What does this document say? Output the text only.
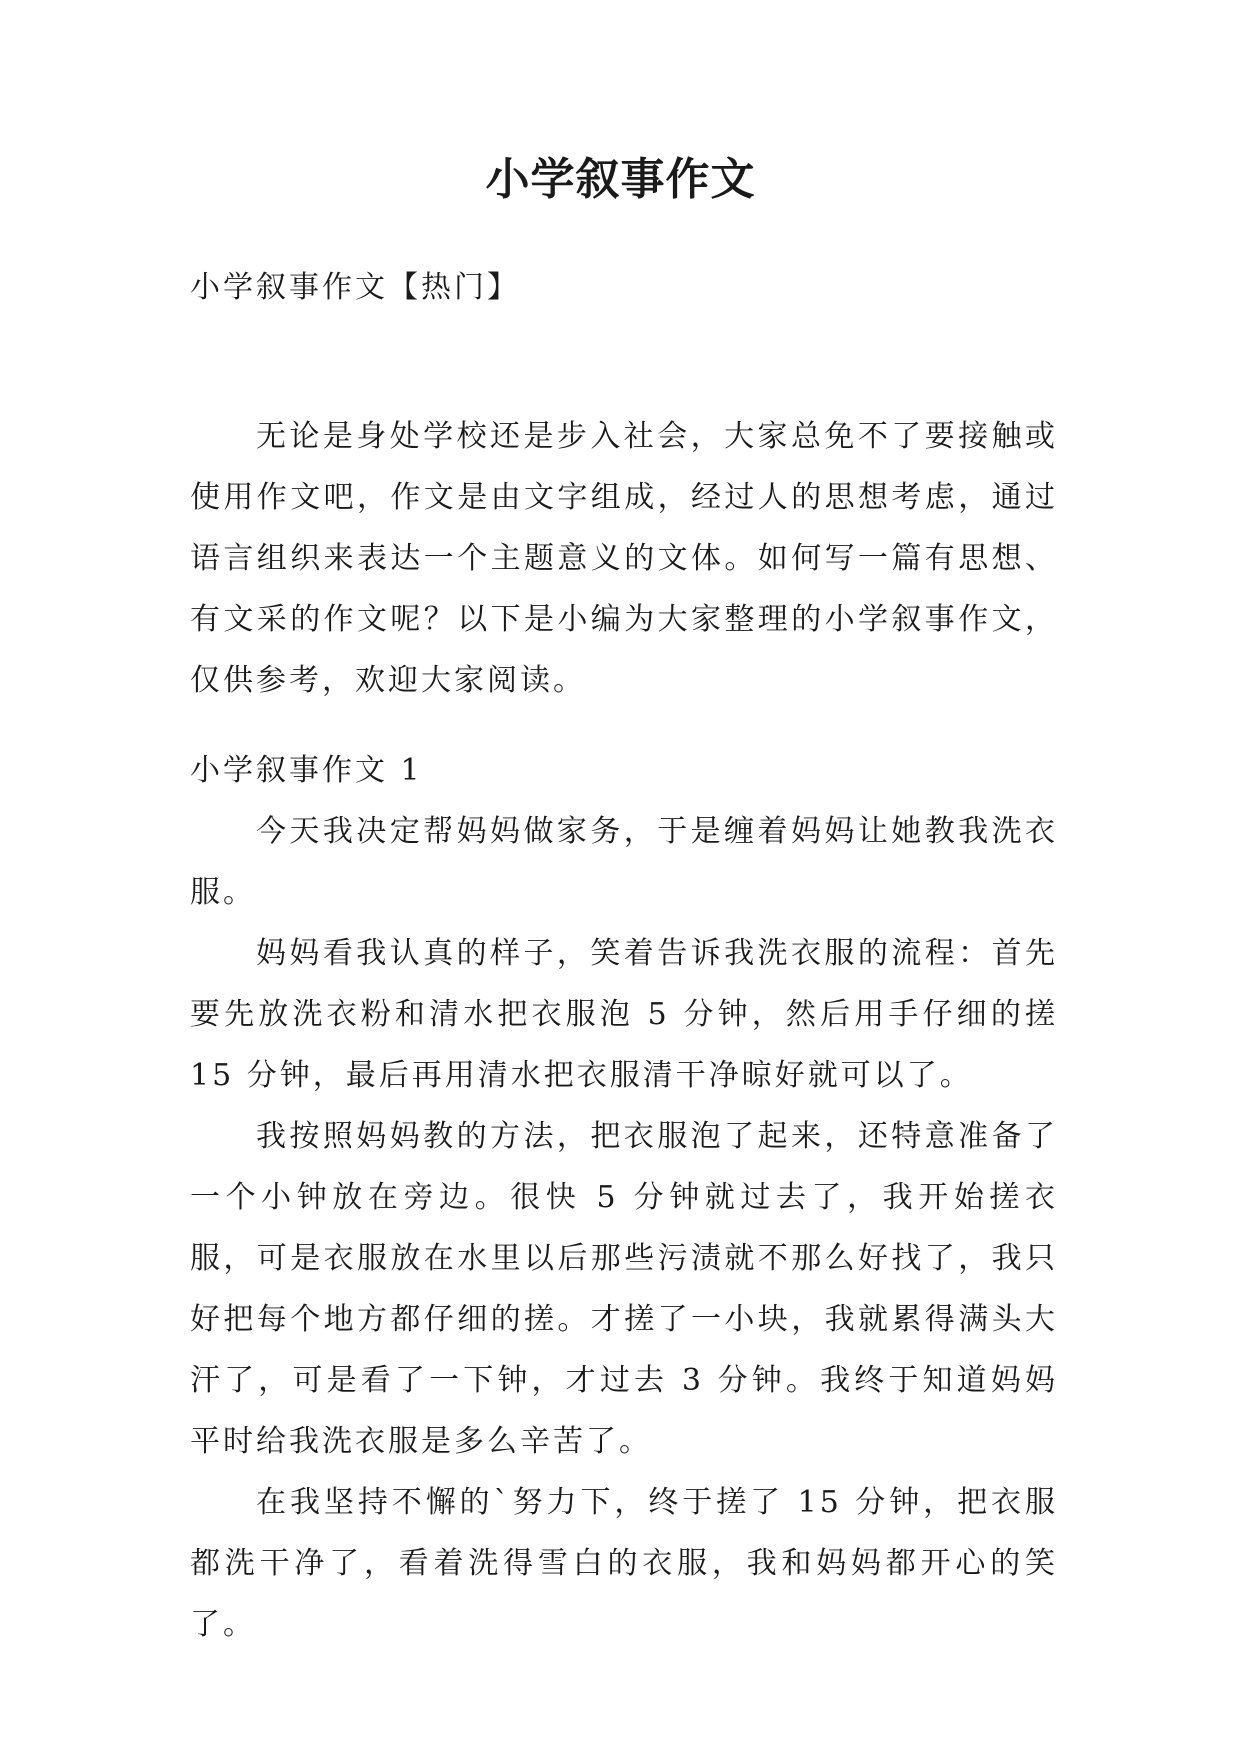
小学叙事作文
小学叙事作文【热门】
无论是身处学校还是步入社会，大家总免不了要接触或使用作文吧，作文是由文字组成，经过人的思想考虑，通过语言组织来表达一个主题意义的文体。如何写一篇有思想、有文采的作文呢？以下是小编为大家整理的小学叙事作文，仅供参考，欢迎大家阅读。
小学叙事作文 1

今天我决定帮妈妈做家务，于是缠着妈妈让她教我洗衣服。

妈妈看我认真的样子，笑着告诉我洗衣服的流程：首先要先放洗衣粉和清水把衣服泡 5 分钟，然后用手仔细的搓 15 分钟，最后再用清水把衣服清干净晾好就可以了。

我按照妈妈教的方法，把衣服泡了起来，还特意准备了一个小钟放在旁边。很快 5 分钟就过去了，我开始搓衣服，可是衣服放在水里以后那些污渍就不那么好找了，我只好把每个地方都仔细的搓。才搓了一小块，我就累得满头大汗了，可是看了一下钟，才过去 3 分钟。我终于知道妈妈平时给我洗衣服是多么辛苦了。

在我坚持不懈的`努力下，终于搓了 15 分钟，把衣服都洗干净了，看着洗得雪白的衣服，我和妈妈都开心的笑了。
